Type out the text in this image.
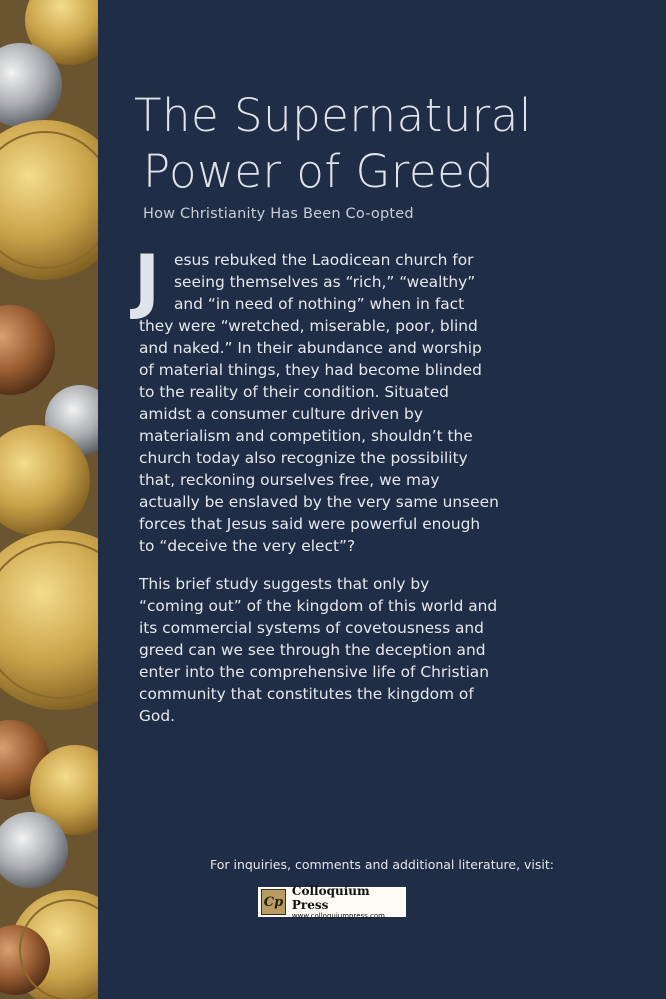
The Supernatural
Power of Greed

How Christianity Has Been Co-opted

J esus rebuked the Laodicean church for
seeing themselves as “rich,” “wealthy”
and “in need of nothing” when in fact
they were “wretched, miserable, poor, blind
and naked.” In their abundance and worship
of material things, they had become blinded
to the reality of their condition. Situated
amidst a consumer culture driven by
materialism and competition, shouldn’t the
church today also recognize the possibility
that, reckoning ourselves free, we may
actually be enslaved by the very same unseen
forces that Jesus said were powerful enough
to “deceive the very elect”?
This brief study suggests that only by
“coming out” of the kingdom of this world and
its commercial systems of covetousness and
greed can we see through the deception and
enter into the comprehensive life of Christian
community that constitutes the kingdom of
God.
For inquiries, comments and additional literature, visit:
Cp
Colloquium Press
www.colloquiumpress.com
